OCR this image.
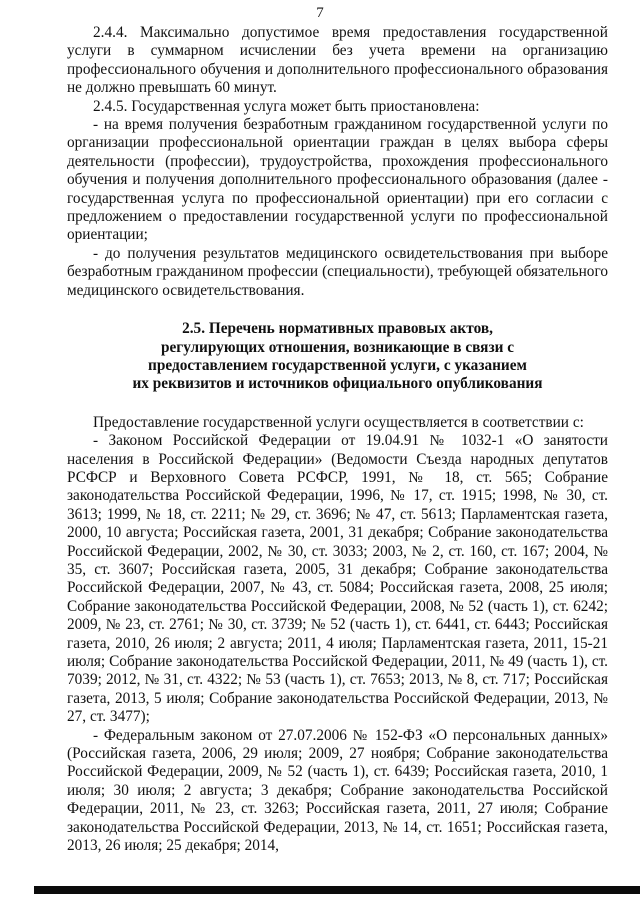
7

2.4.4. Максимально допустимое время предоставления государственной услуги в суммарном исчислении без учета времени на организацию профессионального обучения и дополнительного профессионального образования не должно превышать 60 минут.

2.4.5. Государственная услуга может быть приостановлена:

- на время получения безработным гражданином государственной услуги по организации профессиональной ориентации граждан в целях выбора сферы деятельности (профессии), трудоустройства, прохождения профессионального обучения и получения дополнительного профессионального образования (далее - государственная услуга по профессиональной ориентации) при его согласии с предложением о предоставлении государственной услуги по профессиональной ориентации;

- до получения результатов медицинского освидетельствования при выборе безработным гражданином профессии (специальности), требующей обязательного медицинского освидетельствования.

2.5. Перечень нормативных правовых актов,
регулирующих отношения, возникающие в связи с
предоставлением государственной услуги, с указанием
их реквизитов и источников официального опубликования

Предоставление государственной услуги осуществляется в соответствии с:

- Законом Российской Федерации от 19.04.91 № 1032-1 «О занятости населения в Российской Федерации» (Ведомости Съезда народных депутатов РСФСР и Верховного Совета РСФСР, 1991, № 18, ст. 565; Собрание законодательства Российской Федерации, 1996, № 17, ст. 1915; 1998, № 30, ст. 3613; 1999, № 18, ст. 2211; № 29, ст. 3696; № 47, ст. 5613; Парламентская газета, 2000, 10 августа; Российская газета, 2001, 31 декабря; Собрание законодательства Российской Федерации, 2002, № 30, ст. 3033; 2003, № 2, ст. 160, ст. 167; 2004, № 35, ст. 3607; Российская газета, 2005, 31 декабря; Собрание законодательства Российской Федерации, 2007, № 43, ст. 5084; Российская газета, 2008, 25 июля; Собрание законодательства Российской Федерации, 2008, № 52 (часть 1), ст. 6242; 2009, № 23, ст. 2761; № 30, ст. 3739; № 52 (часть 1), ст. 6441, ст. 6443; Российская газета, 2010, 26 июля; 2 августа; 2011, 4 июля; Парламентская газета, 2011, 15-21 июля; Собрание законодательства Российской Федерации, 2011, № 49 (часть 1), ст. 7039; 2012, № 31, ст. 4322; № 53 (часть 1), ст. 7653; 2013, № 8, ст. 717; Российская газета, 2013, 5 июля; Собрание законодательства Российской Федерации, 2013, № 27, ст. 3477);

- Федеральным законом от 27.07.2006 № 152-ФЗ «О персональных данных» (Российская газета, 2006, 29 июля; 2009, 27 ноября; Собрание законодательства Российской Федерации, 2009, № 52 (часть 1), ст. 6439; Российская газета, 2010, 1 июля; 30 июля; 2 августа; 3 декабря; Собрание законодательства Российской Федерации, 2011, № 23, ст. 3263; Российская газета, 2011, 27 июля; Собрание законодательства Российской Федерации, 2013, № 14, ст. 1651; Российская газета, 2013, 26 июля; 25 декабря; 2014,
